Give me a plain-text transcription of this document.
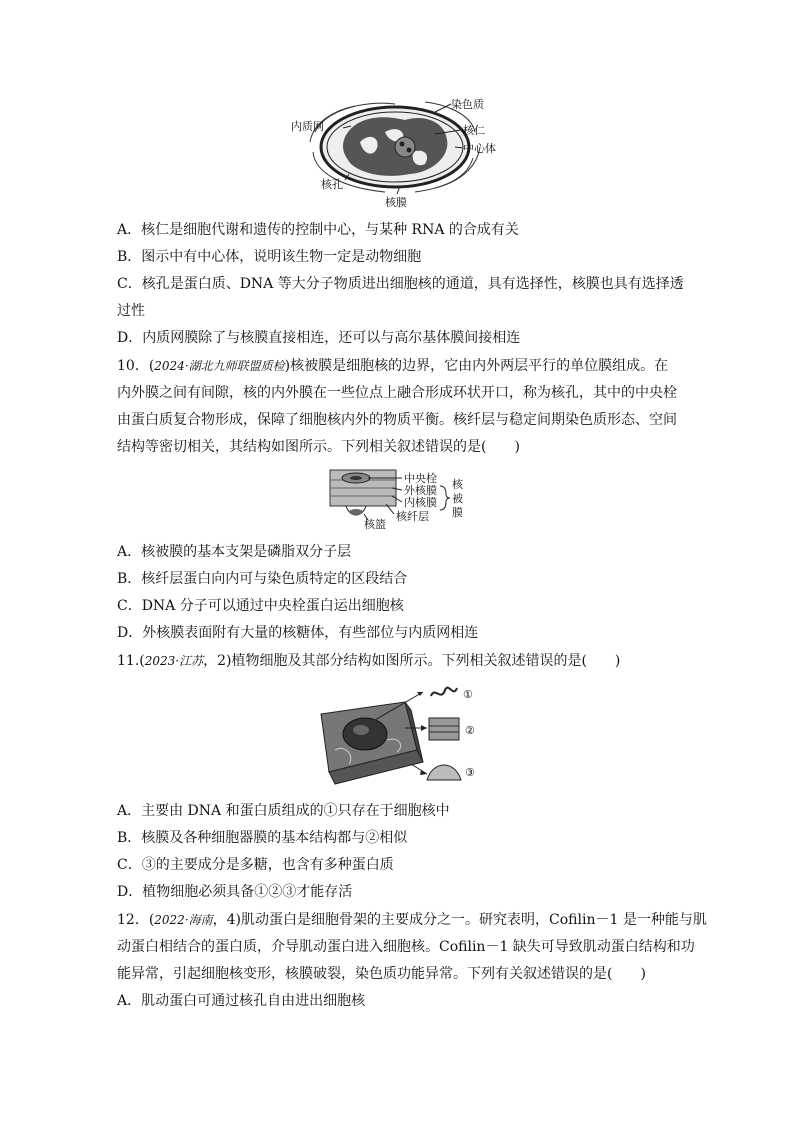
染色质
内质网	核仁
中心体
核孔
核膜
A．核仁是细胞代谢和遗传的控制中心，与某种 RNA 的合成有关
B．图示中有中心体，说明该生物一定是动物细胞
C．核孔是蛋白质、DNA 等大分子物质进出细胞核的通道，具有选择性，核膜也具有选择透
过性
D．内质网膜除了与核膜直接相连，还可以与高尔基体膜间接相连
10．(2024·湖北九师联盟质检)核被膜是细胞核的边界，它由内外两层平行的单位膜组成。在
内外膜之间有间隙，核的内外膜在一些位点上融合形成环状开口，称为核孔，其中的中央栓
由蛋白质复合物形成，保障了细胞核内外的物质平衡。核纤层与稳定间期染色质形态、空间
结构等密切相关，其结构如图所示。下列相关叙述错误的是(　　)
中央栓
外核膜
内核膜
核纤层
核篮
核
被
膜
A．核被膜的基本支架是磷脂双分子层
B．核纤层蛋白向内可与染色质特定的区段结合
C．DNA 分子可以通过中央栓蛋白运出细胞核
D．外核膜表面附有大量的核糖体，有些部位与内质网相连
11.(2023·江苏，2)植物细胞及其部分结构如图所示。下列相关叙述错误的是(　　)
①
②
③
A．主要由 DNA 和蛋白质组成的①只存在于细胞核中
B．核膜及各种细胞器膜的基本结构都与②相似
C．③的主要成分是多糖，也含有多种蛋白质
D．植物细胞必须具备①②③才能存活
12．(2022·海南，4)肌动蛋白是细胞骨架的主要成分之一。研究表明，Cofilin－1 是一种能与肌
动蛋白相结合的蛋白质，介导肌动蛋白进入细胞核。Cofilin－1 缺失可导致肌动蛋白结构和功
能异常，引起细胞核变形，核膜破裂，染色质功能异常。下列有关叙述错误的是(　　)
A．肌动蛋白可通过核孔自由进出细胞核
